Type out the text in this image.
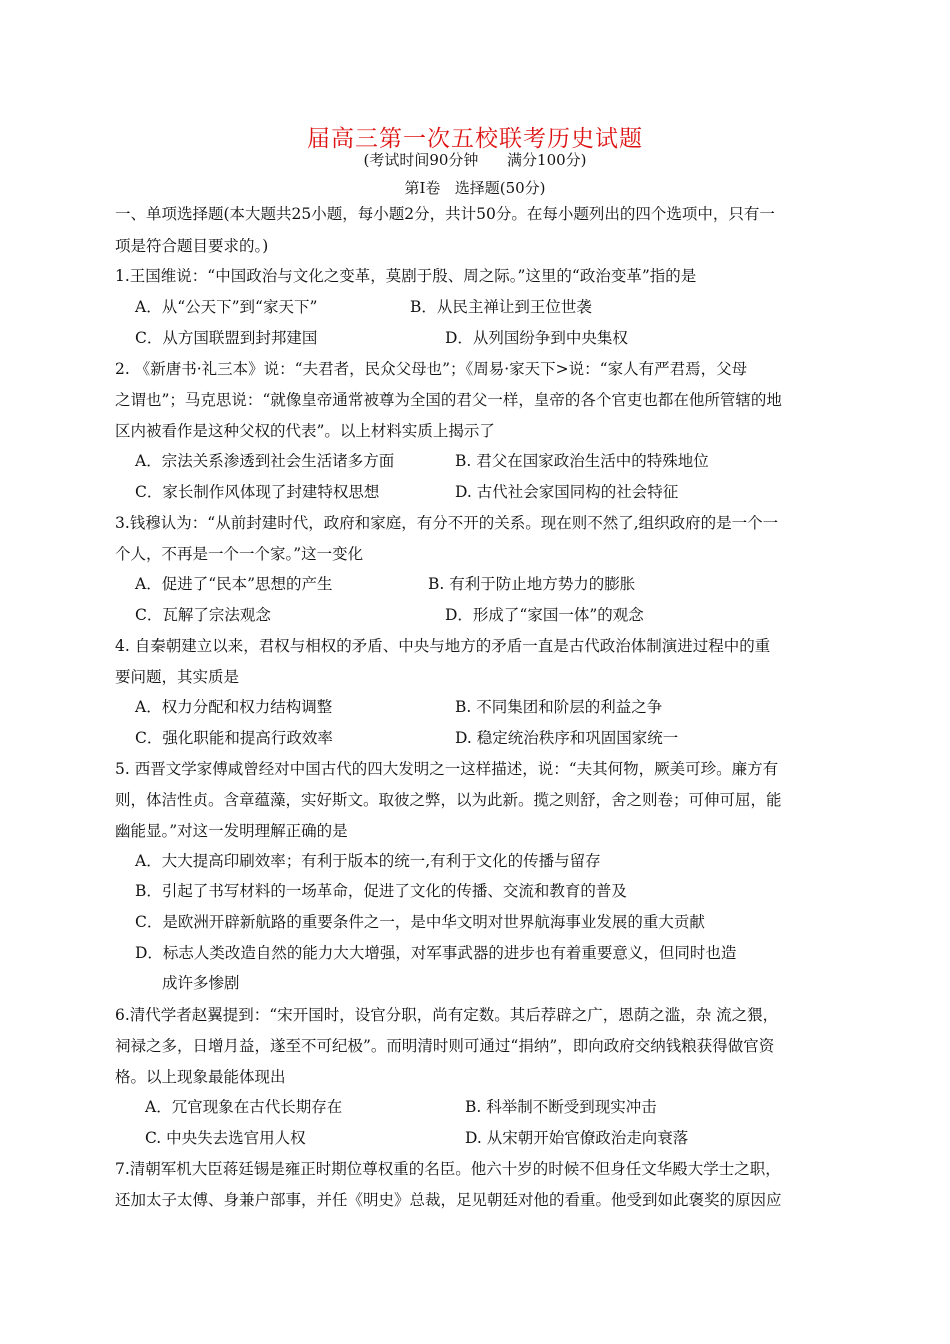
届高三第一次五校联考历史试题
(考试时间90分钟      满分100分)
第Ⅰ卷   选择题(50分)
一、单项选择题(本大题共25小题，每小题2分，共计50分。在每小题列出的四个选项中，只有一
项是符合题目要求的。)
1.王国维说：“中国政治与文化之变革，莫剧于殷、周之际。”这里的“政治变革”指的是
A．从“公天下”到“家天下”	B．从民主禅让到王位世袭
C．从方国联盟到封邦建国	D．从列国纷争到中央集权
2. 《新唐书·礼三本》说：“夫君者，民众父母也”；《周易·家天下>说：“家人有严君焉，父母
之谓也”；马克思说：“就像皇帝通常被尊为全国的君父一样，皇帝的各个官吏也都在他所管辖的地
区内被看作是这种父权的代表”。以上材料实质上揭示了
A．宗法关系渗透到社会生活诸多方面	B. 君父在国家政治生活中的特殊地位
C．家长制作风体现了封建特权思想	D. 古代社会家国同构的社会特征
3.钱穆认为：“从前封建时代，政府和家庭，有分不开的关系。现在则不然了,组织政府的是一个一
个人，不再是一个一个家。”这一变化
A．促进了“民本”思想的产生	B. 有利于防止地方势力的膨胀
C．瓦解了宗法观念	D．形成了“家国一体”的观念
4. 自秦朝建立以来，君权与相权的矛盾、中央与地方的矛盾一直是古代政治体制演进过程中的重
要问题，其实质是
A．权力分配和权力结构调整	B. 不同集团和阶层的利益之争
C．强化职能和提高行政效率	D. 稳定统治秩序和巩固国家统一
5. 西晋文学家傅咸曾经对中国古代的四大发明之一这样描述，说：“夫其何物，厥美可珍。廉方有
则，体洁性贞。含章蕴藻，实好斯文。取彼之弊，以为此新。揽之则舒，舍之则卷；可伸可屈，能
幽能显。”对这一发明理解正确的是
A．大大提高印刷效率；有利于版本的统一,有利于文化的传播与留存
B．引起了书写材料的一场革命，促进了文化的传播、交流和教育的普及
C．是欧洲开辟新航路的重要条件之一，是中华文明对世界航海事业发展的重大贡献
D．标志人类改造自然的能力大大增强，对军事武器的进步也有着重要意义，但同时也造
成许多惨剧
6.清代学者赵翼提到：“宋开国时，设官分职，尚有定数。其后荐辟之广，恩荫之滥，杂 流之猥，
祠禄之多，日增月益，遂至不可纪极”。而明清时则可通过“捐纳”，即向政府交纳钱粮获得做官资
格。以上现象最能体现出
A．冗官现象在古代长期存在	B. 科举制不断受到现实冲击
C. 中央失去选官用人权	D. 从宋朝开始官僚政治走向衰落
7.清朝军机大臣蒋廷锡是雍正时期位尊权重的名臣。他六十岁的时候不但身任文华殿大学士之职，
还加太子太傅、身兼户部事，并任《明史》总裁，足见朝廷对他的看重。他受到如此褒奖的原因应
